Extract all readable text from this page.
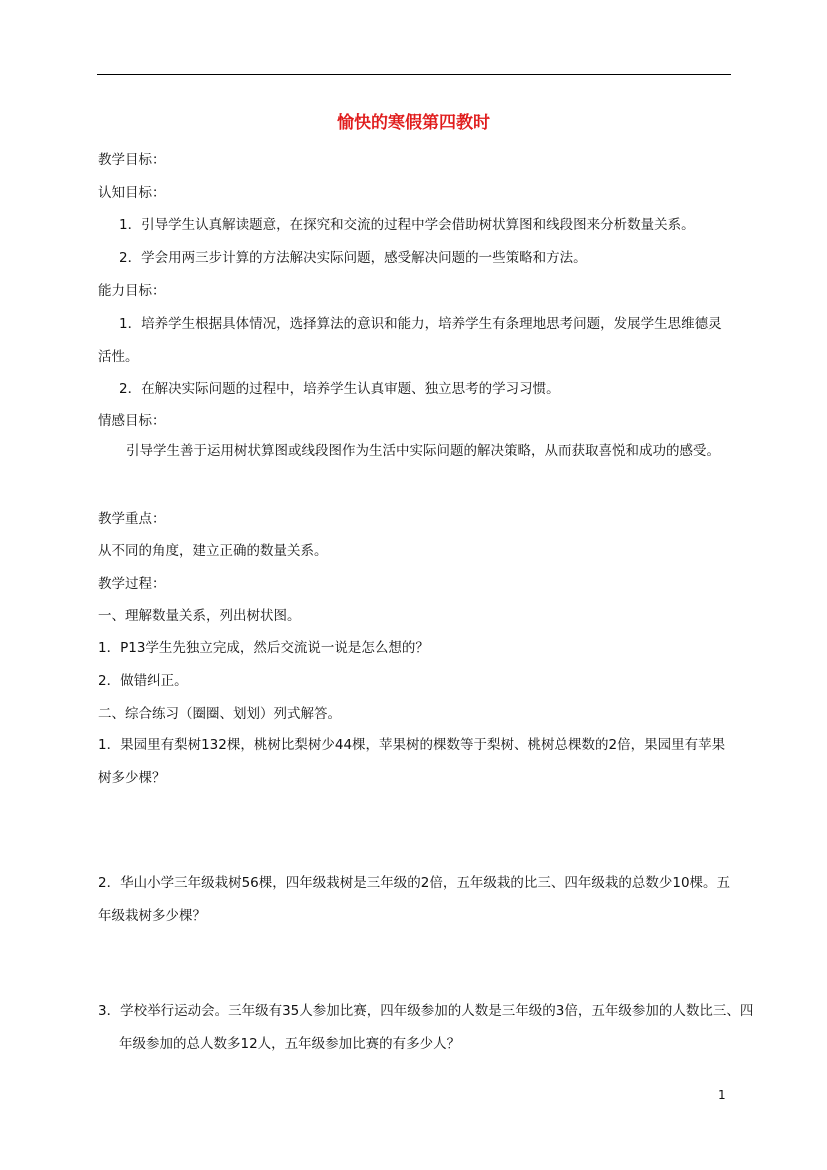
愉快的寒假第四教时
教学目标：
认知目标：
1．引导学生认真解读题意，在探究和交流的过程中学会借助树状算图和线段图来分析数量关系。
2．学会用两三步计算的方法解决实际问题，感受解决问题的一些策略和方法。
能力目标：
1．培养学生根据具体情况，选择算法的意识和能力，培养学生有条理地思考问题，发展学生思维德灵活性。
2．在解决实际问题的过程中，培养学生认真审题、独立思考的学习习惯。
情感目标：
引导学生善于运用树状算图或线段图作为生活中实际问题的解决策略，从而获取喜悦和成功的感受。
教学重点：
从不同的角度，建立正确的数量关系。
教学过程：
一、理解数量关系，列出树状图。
1．P13学生先独立完成，然后交流说一说是怎么想的？
2．做错纠正。
二、综合练习（圈圈、划划）列式解答。
1．果园里有梨树132棵，桃树比梨树少44棵，苹果树的棵数等于梨树、桃树总棵数的2倍，果园里有苹果树多少棵？
2．华山小学三年级栽树56棵，四年级栽树是三年级的2倍，五年级栽的比三、四年级栽的总数少10棵。五年级栽树多少棵？
3．学校举行运动会。三年级有35人参加比赛，四年级参加的人数是三年级的3倍，五年级参加的人数比三、四年级参加的总人数多12人，五年级参加比赛的有多少人？
1
